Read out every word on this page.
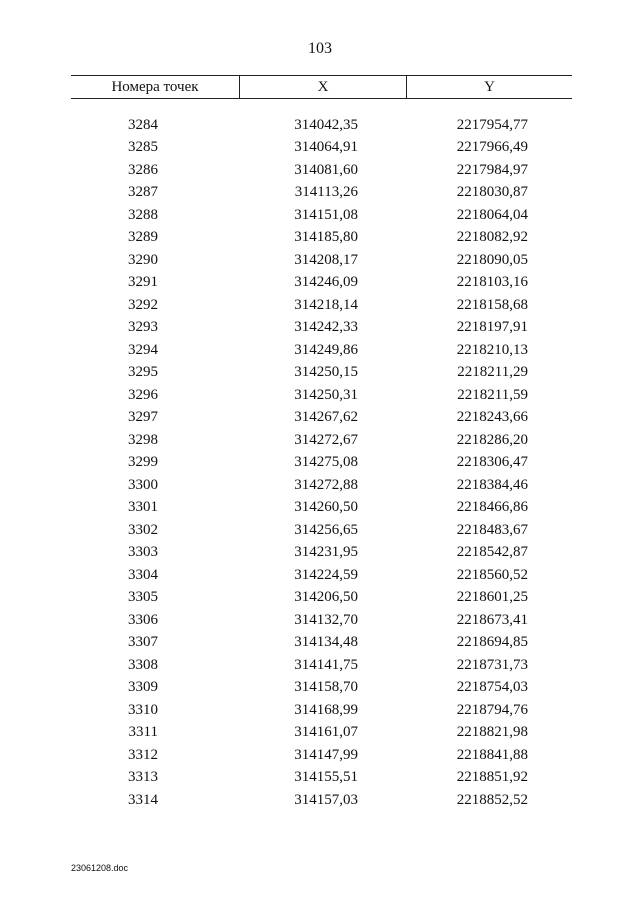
103
Номера точек	X	Y
3284	314042,35	2217954,77
3285	314064,91	2217966,49
3286	314081,60	2217984,97
3287	314113,26	2218030,87
3288	314151,08	2218064,04
3289	314185,80	2218082,92
3290	314208,17	2218090,05
3291	314246,09	2218103,16
3292	314218,14	2218158,68
3293	314242,33	2218197,91
3294	314249,86	2218210,13
3295	314250,15	2218211,29
3296	314250,31	2218211,59
3297	314267,62	2218243,66
3298	314272,67	2218286,20
3299	314275,08	2218306,47
3300	314272,88	2218384,46
3301	314260,50	2218466,86
3302	314256,65	2218483,67
3303	314231,95	2218542,87
3304	314224,59	2218560,52
3305	314206,50	2218601,25
3306	314132,70	2218673,41
3307	314134,48	2218694,85
3308	314141,75	2218731,73
3309	314158,70	2218754,03
3310	314168,99	2218794,76
3311	314161,07	2218821,98
3312	314147,99	2218841,88
3313	314155,51	2218851,92
3314	314157,03	2218852,52
23061208.doc
